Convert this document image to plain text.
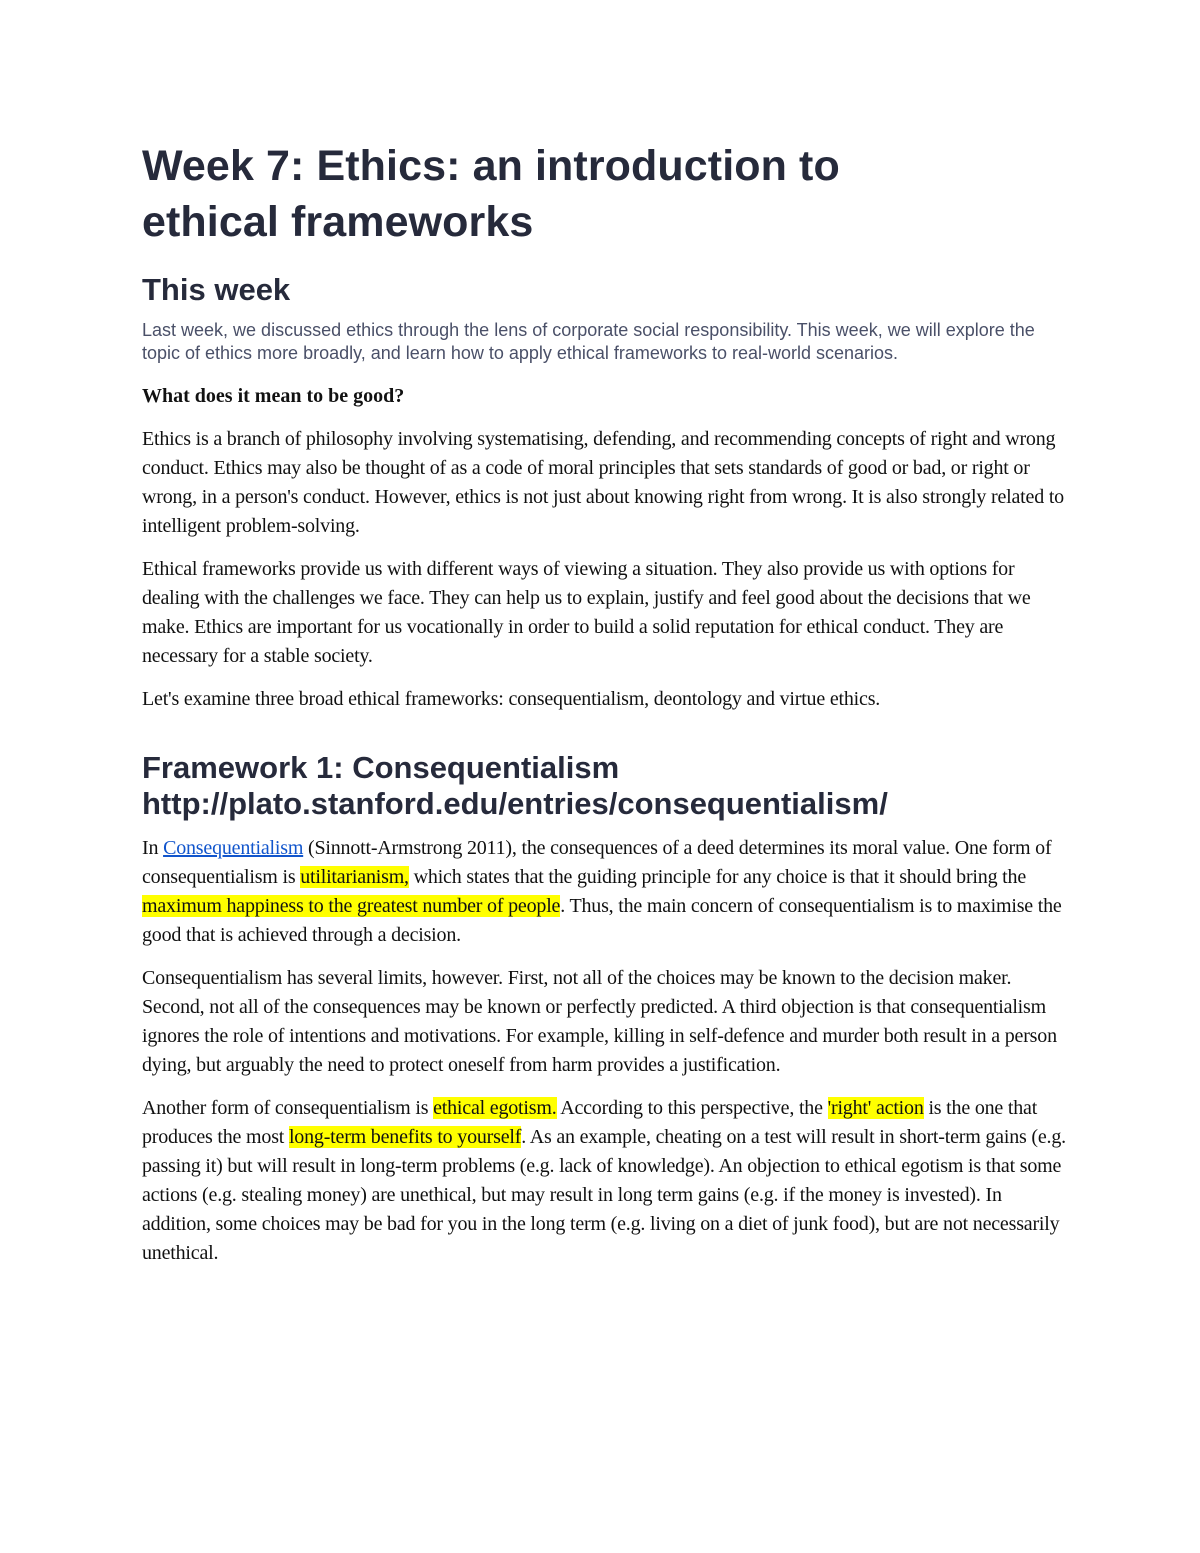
Week 7: Ethics: an introduction to
ethical frameworks
This week

Last week, we discussed ethics through the lens of corporate social responsibility. This week, we will explore the topic of ethics more broadly, and learn how to apply ethical frameworks to real-world scenarios.

What does it mean to be good?

Ethics is a branch of philosophy involving systematising, defending, and recommending concepts of right and wrong conduct. Ethics may also be thought of as a code of moral principles that sets standards of good or bad, or right or wrong, in a person's conduct. However, ethics is not just about knowing right from wrong. It is also strongly related to intelligent problem-solving.

Ethical frameworks provide us with different ways of viewing a situation. They also provide us with options for dealing with the challenges we face. They can help us to explain, justify and feel good about the decisions that we make. Ethics are important for us vocationally in order to build a solid reputation for ethical conduct. They are necessary for a stable society.

Let's examine three broad ethical frameworks: consequentialism, deontology and virtue ethics.

Framework 1: Consequentialism
http://plato.stanford.edu/entries/consequentialism/

In Consequentialism (Sinnott-Armstrong 2011), the consequences of a deed determines its moral value. One form of consequentialism is utilitarianism, which states that the guiding principle for any choice is that it should bring the maximum happiness to the greatest number of people. Thus, the main concern of consequentialism is to maximise the good that is achieved through a decision.

Consequentialism has several limits, however. First, not all of the choices may be known to the decision maker. Second, not all of the consequences may be known or perfectly predicted. A third objection is that consequentialism ignores the role of intentions and motivations. For example, killing in self-defence and murder both result in a person dying, but arguably the need to protect oneself from harm provides a justification.

Another form of consequentialism is ethical egotism. According to this perspective, the 'right' action is the one that produces the most long-term benefits to yourself. As an example, cheating on a test will result in short-term gains (e.g. passing it) but will result in long-term problems (e.g. lack of knowledge). An objection to ethical egotism is that some actions (e.g. stealing money) are unethical, but may result in long term gains (e.g. if the money is invested). In addition, some choices may be bad for you in the long term (e.g. living on a diet of junk food), but are not necessarily unethical.
